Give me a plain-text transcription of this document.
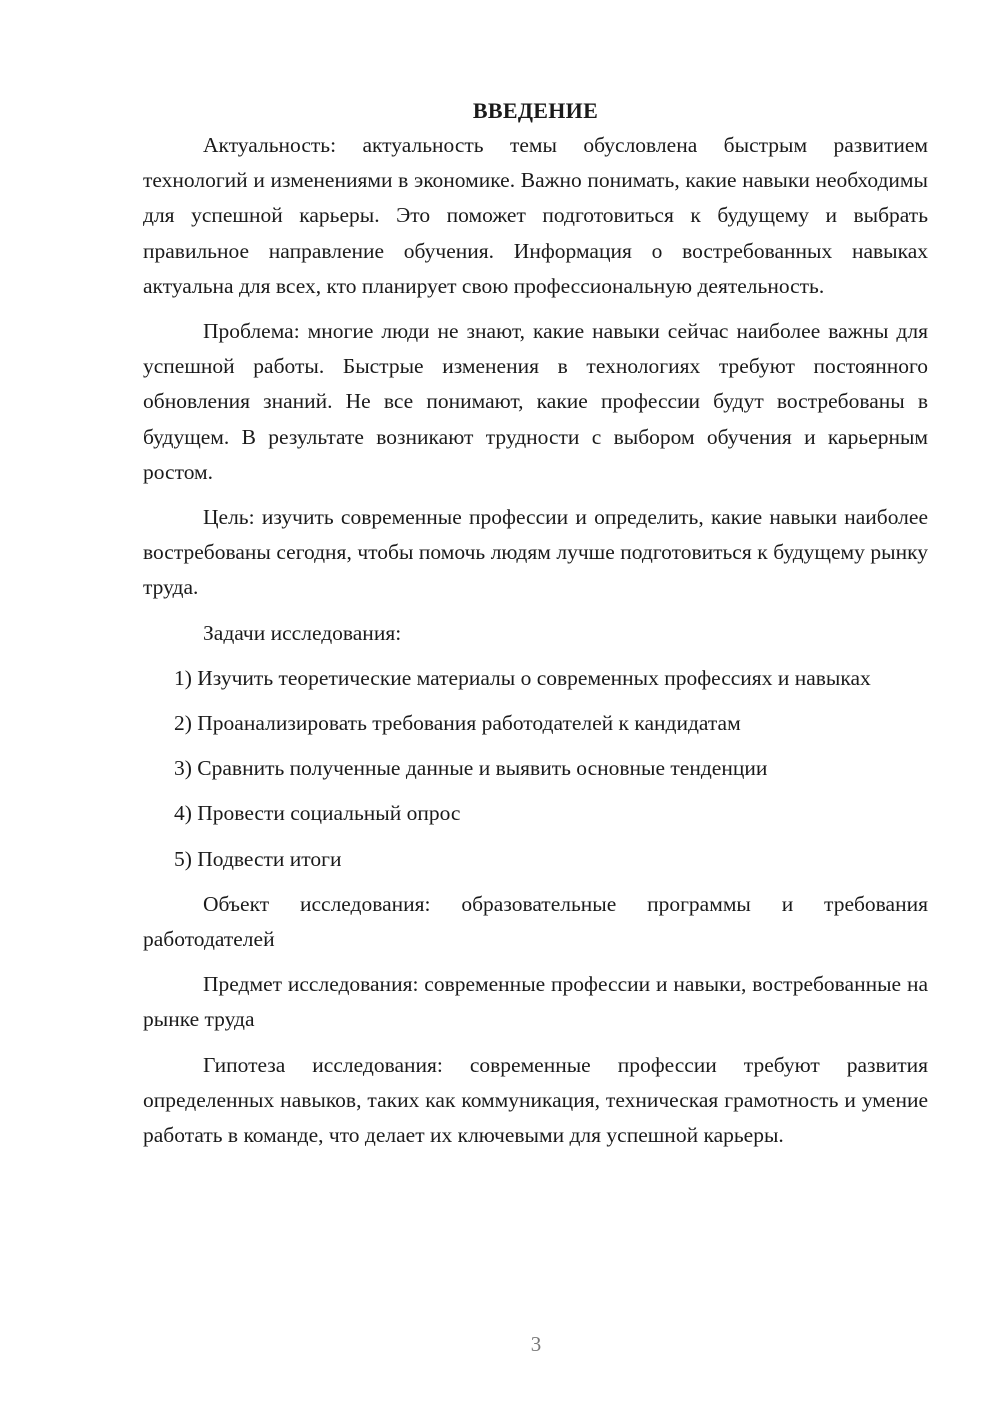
ВВЕДЕНИЕ

Актуальность: актуальность темы обусловлена быстрым развитием технологий и изменениями в экономике. Важно понимать, какие навыки необходимы для успешной карьеры. Это поможет подготовиться к будущему и выбрать правильное направление обучения. Информация о востребованных навыках актуальна для всех, кто планирует свою профессиональную деятельность.

Проблема: многие люди не знают, какие навыки сейчас наиболее важны для успешной работы. Быстрые изменения в технологиях требуют постоянного обновления знаний. Не все понимают, какие профессии будут востребованы в будущем. В результате возникают трудности с выбором обучения и карьерным ростом.

Цель: изучить современные профессии и определить, какие навыки наиболее востребованы сегодня, чтобы помочь людям лучше подготовиться к будущему рынку труда.

Задачи исследования:

1) Изучить теоретические материалы о современных профессиях и навыках

2) Проанализировать требования работодателей к кандидатам

3) Сравнить полученные данные и выявить основные тенденции

4) Провести социальный опрос

5) Подвести итоги

Объект исследования: образовательные программы и требования работодателей

Предмет исследования: современные профессии и навыки, востребованные на рынке труда

Гипотеза исследования: современные профессии требуют развития определенных навыков, таких как коммуникация, техническая грамотность и умение работать в команде, что делает их ключевыми для успешной карьеры.

3
